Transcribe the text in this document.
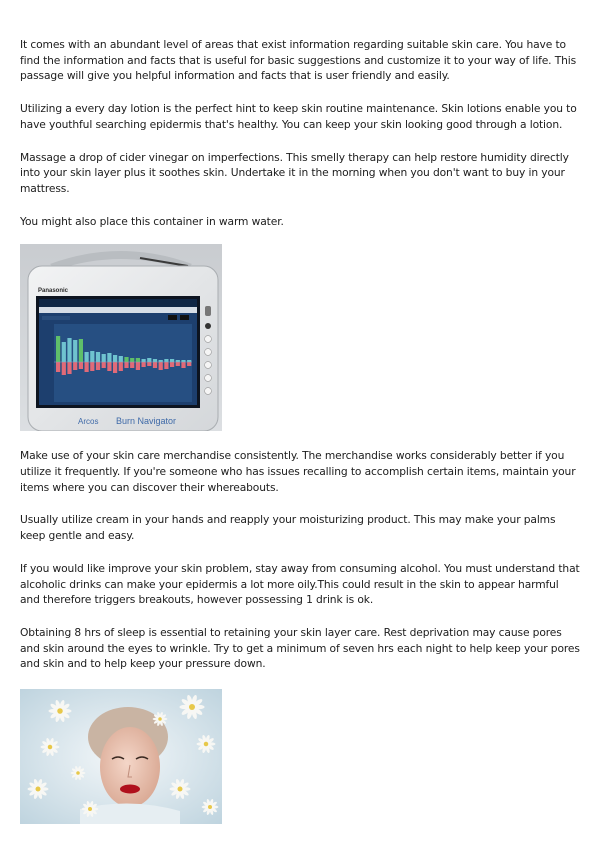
It comes with an abundant level of areas that exist information regarding suitable skin care. You have to find the information and facts that is useful for basic suggestions and customize it to your way of life. This passage will give you helpful information and facts that is user friendly and easily.

Utilizing a every day lotion is the perfect hint to keep skin routine maintenance. Skin lotions enable you to have youthful searching epidermis that's healthy. You can keep your skin looking good through a lotion.

Massage a drop of cider vinegar on imperfections. This smelly therapy can help restore humidity directly into your skin layer plus it soothes skin. Undertake it in the morning when you don't want to buy in your mattress.

You might also place this container in warm water.

Panasonic
Arcos Burn Navigator

Make use of your skin care merchandise consistently. The merchandise works considerably better if you utilize it frequently. If you're someone who has issues recalling to accomplish certain items, maintain your items where you can discover their whereabouts.

Usually utilize cream in your hands and reapply your moisturizing product. This may make your palms keep gentle and easy.

If you would like improve your skin problem, stay away from consuming alcohol. You must understand that alcoholic drinks can make your epidermis a lot more oily.This could result in the skin to appear harmful and therefore triggers breakouts, however possessing 1 drink is ok.

Obtaining 8 hrs of sleep is essential to retaining your skin layer care. Rest deprivation may cause pores and skin around the eyes to wrinkle. Try to get a minimum of seven hrs each night to help keep your pores and skin and to help keep your pressure down.
